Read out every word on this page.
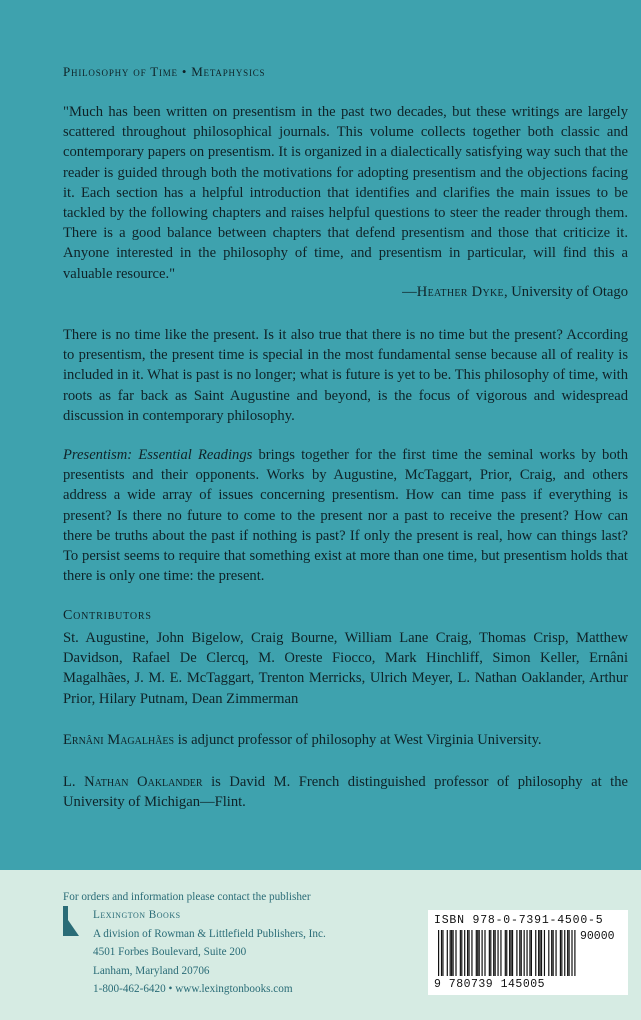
Philosophy of Time • Metaphysics
"Much has been written on presentism in the past two decades, but these writings are largely scattered throughout philosophical journals. This volume collects together both classic and contemporary papers on presentism. It is organized in a dialectically satisfying way such that the reader is guided through both the motivations for adopting presentism and the objections facing it. Each section has a helpful introduction that identifies and clarifies the main issues to be tackled by the following chapters and raises helpful questions to steer the reader through them. There is a good balance between chapters that defend presentism and those that criticize it. Anyone interested in the philosophy of time, and presentism in particular, will find this a valuable resource."
—Heather Dyke, University of Otago
There is no time like the present. Is it also true that there is no time but the present? According to presentism, the present time is special in the most fundamental sense because all of reality is included in it. What is past is no longer; what is future is yet to be. This philosophy of time, with roots as far back as Saint Augustine and beyond, is the focus of vigorous and widespread discussion in contemporary philosophy.
Presentism: Essential Readings brings together for the first time the seminal works by both presentists and their opponents. Works by Augustine, McTaggart, Prior, Craig, and others address a wide array of issues concerning presentism. How can time pass if everything is present? Is there no future to come to the present nor a past to receive the present? How can there be truths about the past if nothing is past? If only the present is real, how can things last? To persist seems to require that something exist at more than one time, but presentism holds that there is only one time: the present.
Contributors
St. Augustine, John Bigelow, Craig Bourne, William Lane Craig, Thomas Crisp, Matthew Davidson, Rafael De Clercq, M. Oreste Fiocco, Mark Hinchliff, Simon Keller, Ernâni Magalhães, J. M. E. McTaggart, Trenton Merricks, Ulrich Meyer, L. Nathan Oaklander, Arthur Prior, Hilary Putnam, Dean Zimmerman
Ernâni Magalhães is adjunct professor of philosophy at West Virginia University.
L. Nathan Oaklander is David M. French distinguished professor of philosophy at the University of Michigan—Flint.
For orders and information please contact the publisher
Lexington Books
A division of Rowman & Littlefield Publishers, Inc.
4501 Forbes Boulevard, Suite 200
Lanham, Maryland 20706
1-800-462-6420 • www.lexingtonbooks.com
ISBN 978-0-7391-4500-5
90000
9 780739 145005
